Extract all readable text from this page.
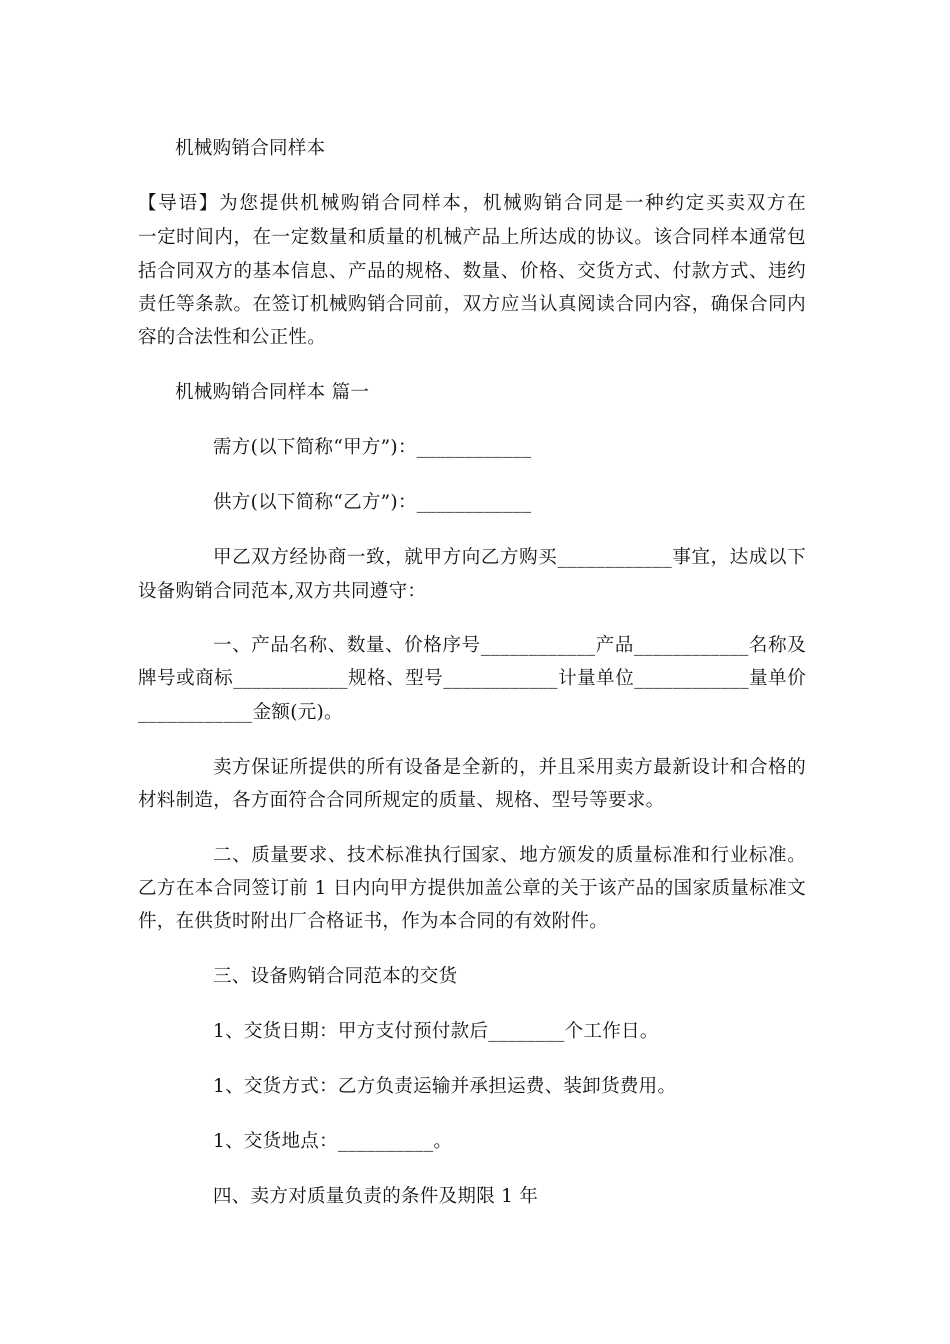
机械购销合同样本
【导语】为您提供机械购销合同样本，机械购销合同是一种约定买卖双方在
一定时间内，在一定数量和质量的机械产品上所达成的协议。该合同样本通常包
括合同双方的基本信息、产品的规格、数量、价格、交货方式、付款方式、违约
责任等条款。在签订机械购销合同前，双方应当认真阅读合同内容，确保合同内
容的合法性和公正性。
机械购销合同样本 篇一
需方(以下简称“甲方”)：____________
供方(以下简称“乙方”)：____________
甲乙双方经协商一致，就甲方向乙方购买____________事宜，达成以下
设备购销合同范本,双方共同遵守：
一、产品名称、数量、价格序号____________产品____________名称及
牌号或商标____________规格、型号____________计量单位____________量单价
____________金额(元)。
卖方保证所提供的所有设备是全新的，并且采用卖方最新设计和合格的
材料制造，各方面符合合同所规定的质量、规格、型号等要求。
二、质量要求、技术标准执行国家、地方颁发的质量标准和行业标准。
乙方在本合同签订前 1 日内向甲方提供加盖公章的关于该产品的国家质量标准文
件，在供货时附出厂合格证书，作为本合同的有效附件。
三、设备购销合同范本的交货
1、交货日期：甲方支付预付款后________个工作日。
1、交货方式：乙方负责运输并承担运费、装卸货费用。
1、交货地点：__________。
四、卖方对质量负责的条件及期限 1 年
